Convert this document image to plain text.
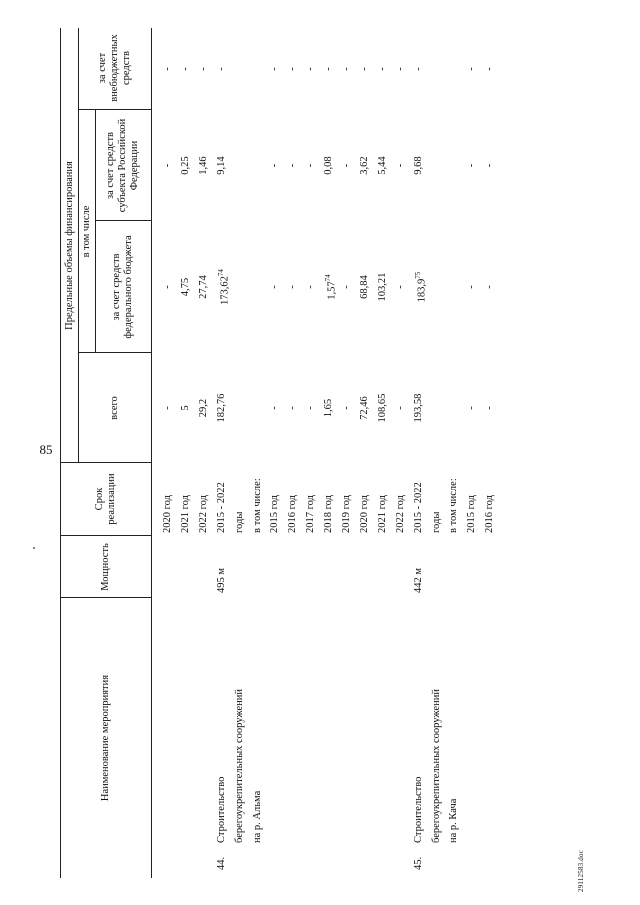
85
29112583.doc
Наименование мероприятия
Мощность
Срок реализации
Предельные объемы финансирования
всего
в том числе
за счет средств федерального бюджета
за счет средств субъекта Российской Федерации
за счет внебюджетных средств
2020 год
-
-
-
-
2021 год
5
4,75
0,25
-
2022 год
29,2
27,74
1,46
-
44.
Строительство
495 м
2015 - 2022
182,76
173,62$^{74}$
9,14
-
берегоукрепительных сооружений
годы
на р. Альма
в том числе: 2015 год
-
-
-
-
2016 год
-
-
-
-
2017 год
-
-
-
-
2018 год
1,65
1,57$^{74}$
0,08
-
2019 год
-
-
-
-
2020 год
72,46
68,84
3,62
-
2021 год
108,65
103,21
5,44
-
2022 год
-
-
-
-
45.
Строительство
442 м
2015 - 2022
193,58
183,9$^{75}$
9,68
-
берегоукрепительных сооружений
годы
на р. Кача
в том числе: 2015 год
-
-
-
-
2016 год
-
-
-
-
